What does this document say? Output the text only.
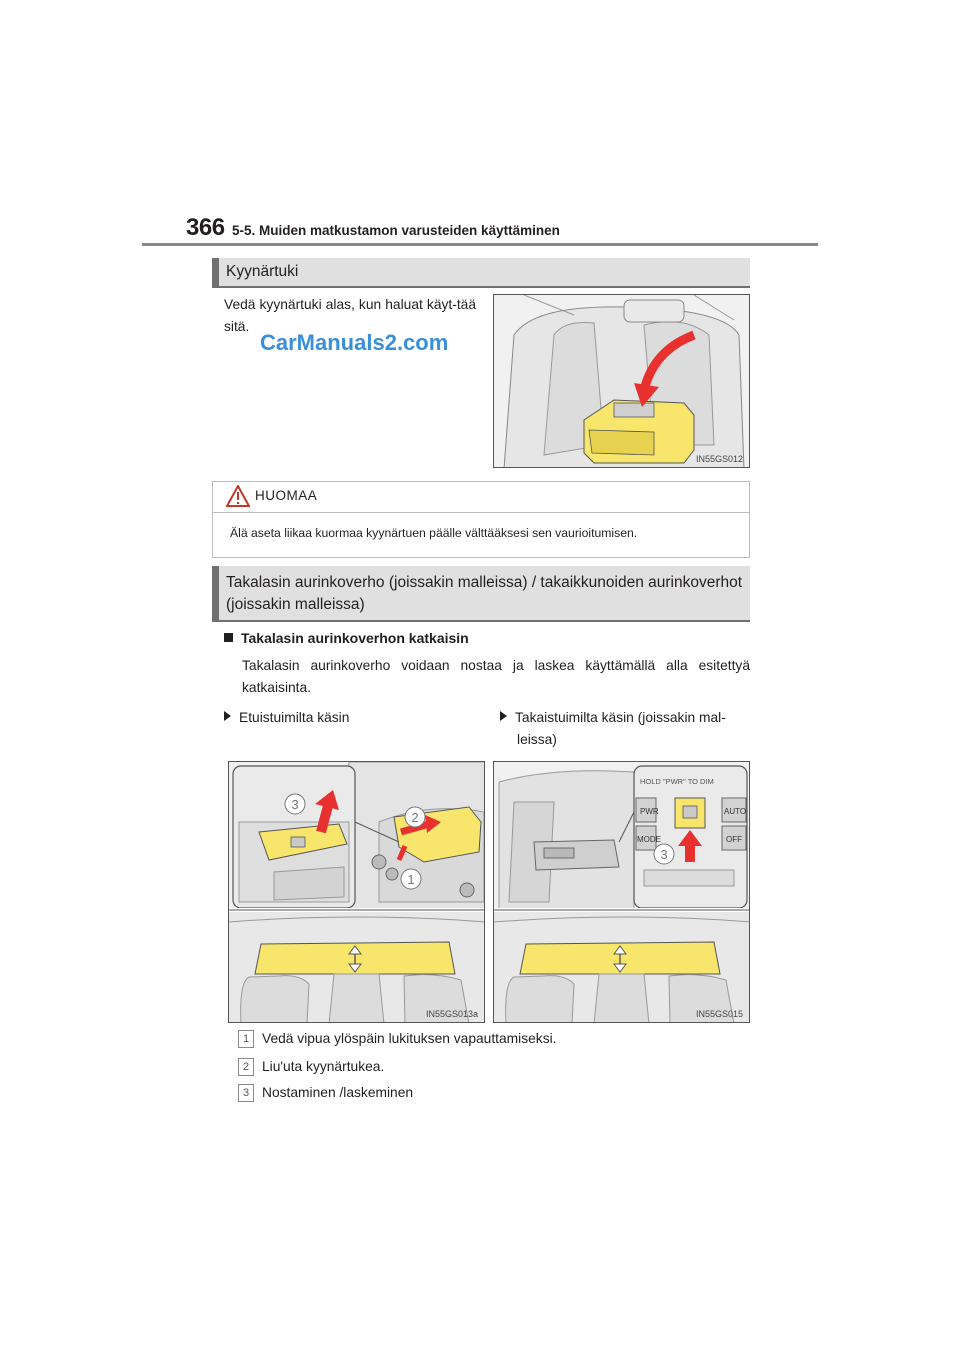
366 5-5. Muiden matkustamon varusteiden käyttäminen
Kyynärtuki
Vedä kyynärtuki alas, kun haluat käyt-tää sitä.
IN55GS012
CarManuals2.com
HUOMAA
Älä aseta liikaa kuormaa kyynärtuen päälle välttääksesi sen vaurioitumisen.
Takalasin aurinkoverho (joissakin malleissa) / takaikkunoiden aurinkoverhot
(joissakin malleissa)
Takalasin aurinkoverhon katkaisin
Takalasin aurinkoverho voidaan nostaa ja laskea käyttämällä alla esitettyä katkaisinta.
Etuistuimilta käsin	Takaistuimilta käsin (joissakin mal-
leissa)
3
2
1
IN55GS013a
HOLD "PWR" TO DIM
PWR
MODE
AUTO
OFF
3
IN55GS015
1 Vedä vipua ylöspäin lukituksen vapauttamiseksi.
2 Liu'uta kyynärtukea.
3 Nostaminen /laskeminen
